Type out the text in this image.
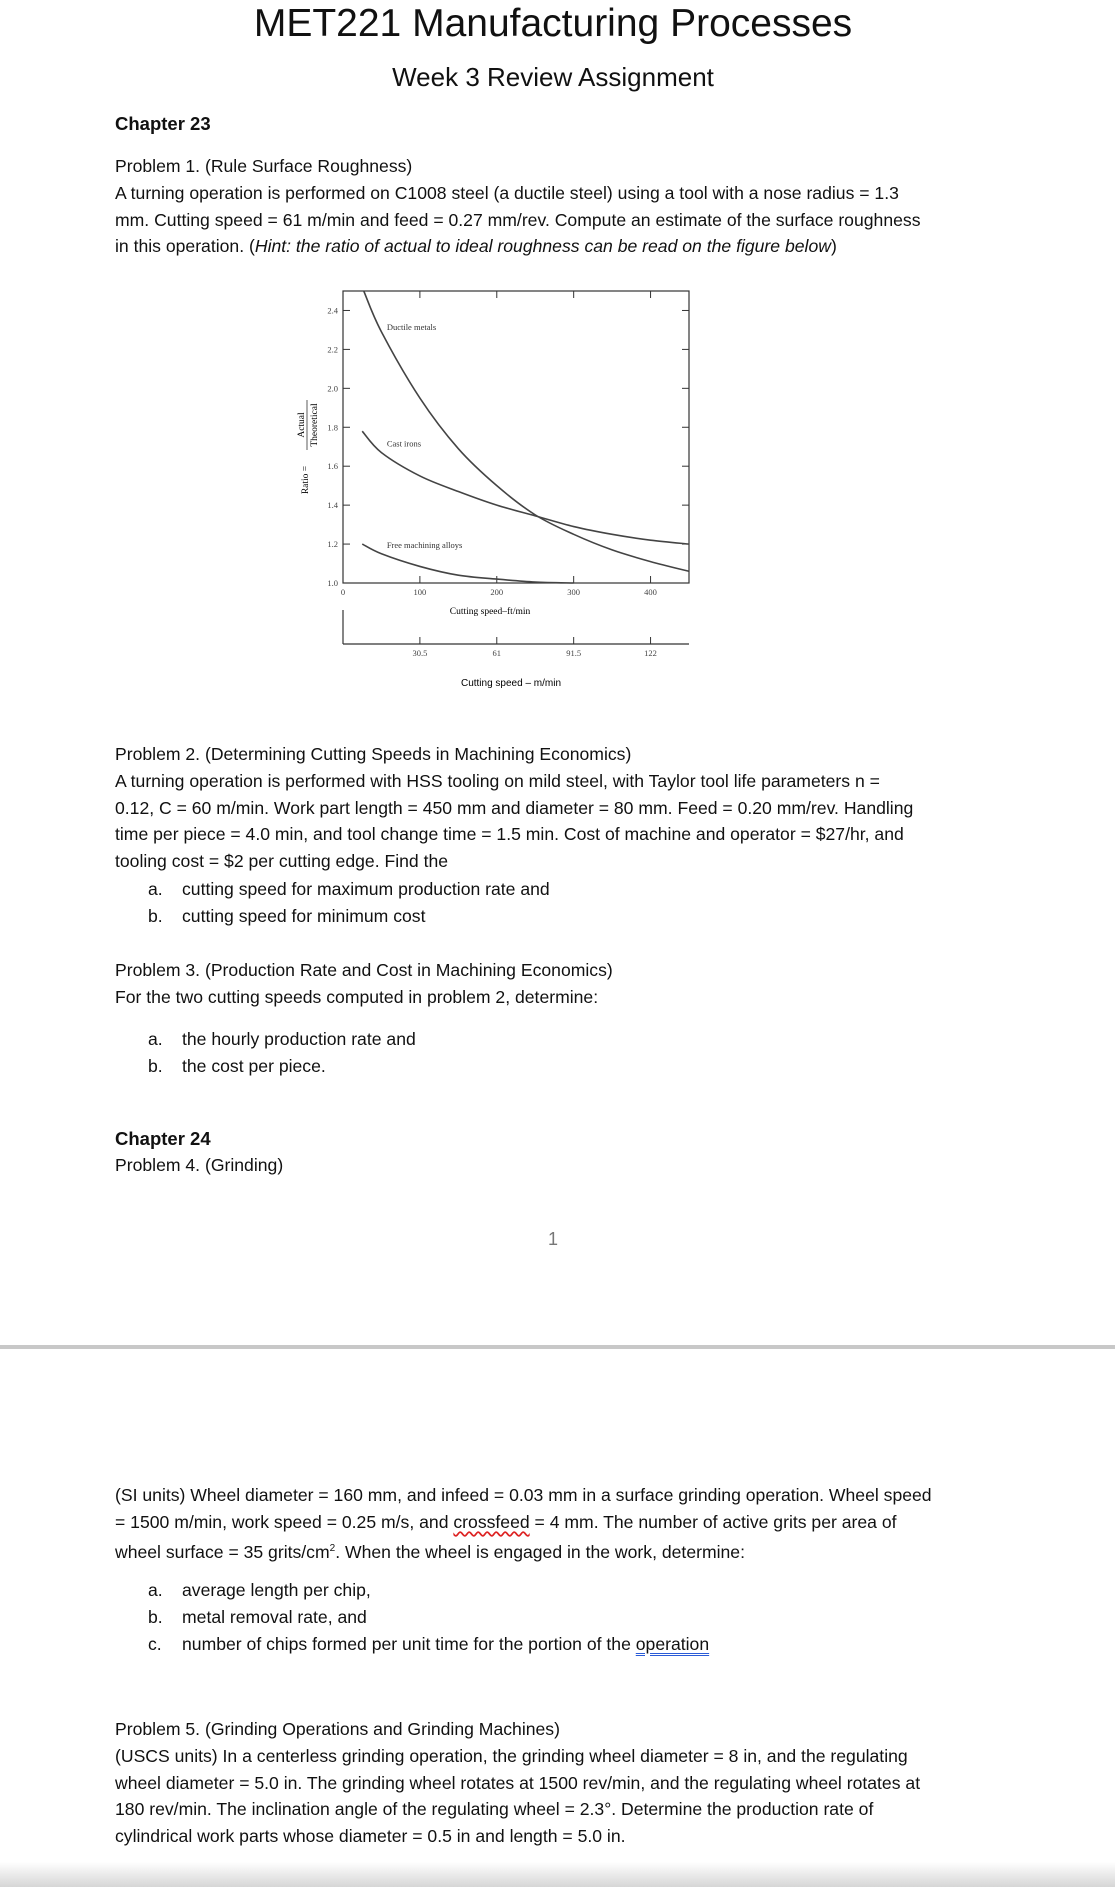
MET221 Manufacturing Processes
Week 3 Review Assignment
Chapter 23
Problem 1. (Rule Surface Roughness)
A turning operation is performed on C1008 steel (a ductile steel) using a tool with a nose radius = 1.3
mm. Cutting speed = 61 m/min and feed = 0.27 mm/rev. Compute an estimate of the surface roughness
in this operation. (Hint: the ratio of actual to ideal roughness can be read on the figure below)
1.0
1.2
1.4
1.6
1.8
2.0
2.2
2.4
0
30.5
100
61
200
91.5
300
122
400
Ductile metals
Cast irons
Free machining alloys
Cutting speed–ft/min
Cutting speed – m/min
Ratio =
Actual Theoretical
Problem 2. (Determining Cutting Speeds in Machining Economics)
A turning operation is performed with HSS tooling on mild steel, with Taylor tool life parameters n =
0.12, C = 60 m/min. Work part length = 450 mm and diameter = 80 mm. Feed = 0.20 mm/rev. Handling
time per piece = 4.0 min, and tool change time = 1.5 min. Cost of machine and operator = $27/hr, and
tooling cost = $2 per cutting edge. Find the
a.	cutting speed for maximum production rate and
b.	cutting speed for minimum cost
Problem 3. (Production Rate and Cost in Machining Economics)
For the two cutting speeds computed in problem 2, determine:
a.	the hourly production rate and
b.	the cost per piece.
Chapter 24
Problem 4. (Grinding)
1
(SI units) Wheel diameter = 160 mm, and infeed = 0.03 mm in a surface grinding operation. Wheel speed
= 1500 m/min, work speed = 0.25 m/s, and crossfeed = 4 mm. The number of active grits per area of
wheel surface = 35 grits/$cm^2$. When the wheel is engaged in the work, determine:
a.	average length per chip,
b.	metal removal rate, and
c.	number of chips formed per unit time for the portion of the operation
Problem 5. (Grinding Operations and Grinding Machines)
(USCS units) In a centerless grinding operation, the grinding wheel diameter = 8 in, and the regulating
wheel diameter = 5.0 in. The grinding wheel rotates at 1500 rev/min, and the regulating wheel rotates at
180 rev/min. The inclination angle of the regulating wheel = 2.3°. Determine the production rate of
cylindrical work parts whose diameter = 0.5 in and length = 5.0 in.
